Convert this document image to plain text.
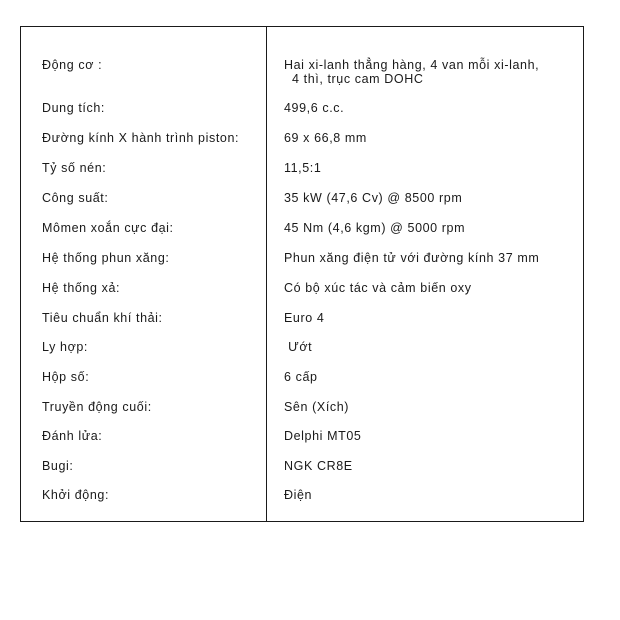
Động cơ :	Hai xi-lanh thẳng hàng, 4 van mỗi xi-lanh,
4 thì, trục cam DOHC
Dung tích:	499,6 c.c.
Đường kính X hành trình piston:	69 x 66,8 mm
Tỷ số nén:	11,5:1
Công suất:	35 kW (47,6 Cv) @ 8500 rpm
Mômen xoắn cực đại:	45 Nm (4,6 kgm) @ 5000 rpm
Hệ thống phun xăng:	Phun xăng điện tử với đường kính 37 mm
Hệ thống xả:	Có bộ xúc tác và cảm biến oxy
Tiêu chuẩn khí thải:	Euro 4
Ly hợp:	Ướt
Hộp số:	6 cấp
Truyền động cuối:	Sên (Xích)
Đánh lửa:	Delphi MT05
Bugi:	NGK CR8E
Khởi động:	Điện
